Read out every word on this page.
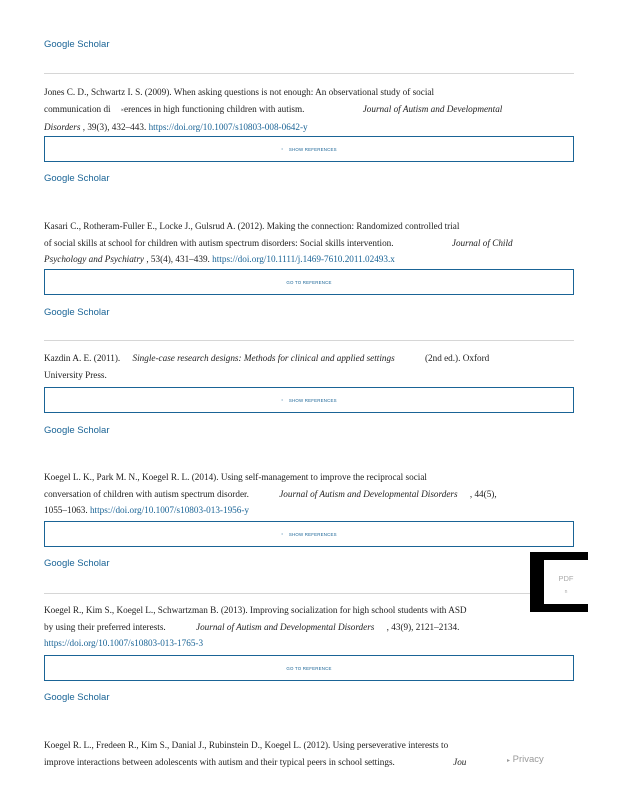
Google Scholar
Jones C. D., Schwartz I. S. (2009). When asking questions is not enough: An observational study of social
communication di ×erences in high functioning children with autism.	Journal of Autism and Developmental
Disorders , 39(3), 432–443. https://doi.org/10.1007/s10803-008-0642-y
› SHOW REFERENCES
Google Scholar
Kasari C., Rotheram-Fuller E., Locke J., Gulsrud A. (2012). Making the connection: Randomized controlled trial
of social skills at school for children with autism spectrum disorders: Social skills intervention.	Journal of Child
Psychology and Psychiatry , 53(4), 431–439. https://doi.org/10.1111/j.1469-7610.2011.02493.x
GO TO REFERENCE
Google Scholar
Kazdin A. E. (2011). Single-case research designs: Methods for clinical and applied settings	(2nd ed.). Oxford
University Press.
› SHOW REFERENCES
Google Scholar
Koegel L. K., Park M. N., Koegel R. L. (2014). Using self-management to improve the reciprocal social
conversation of children with autism spectrum disorder.	Journal of Autism and Developmental Disorders , 44(5),
1055–1063. https://doi.org/10.1007/s10803-013-1956-y
› SHOW REFERENCES
Google Scholar
Koegel R., Kim S., Koegel L., Schwartzman B. (2013). Improving socialization for high school students with ASD
by using their preferred interests.	Journal of Autism and Developmental Disorders , 43(9), 2121–2134.
https://doi.org/10.1007/s10803-013-1765-3
GO TO REFERENCE
Google Scholar
Koegel R. L., Fredeen R., Kim S., Danial J., Rubinstein D., Koegel L. (2012). Using perseverative interests to
improve interactions between adolescents with autism and their typical peers in school settings.	Jou
PDF
n
▸ Privacy
